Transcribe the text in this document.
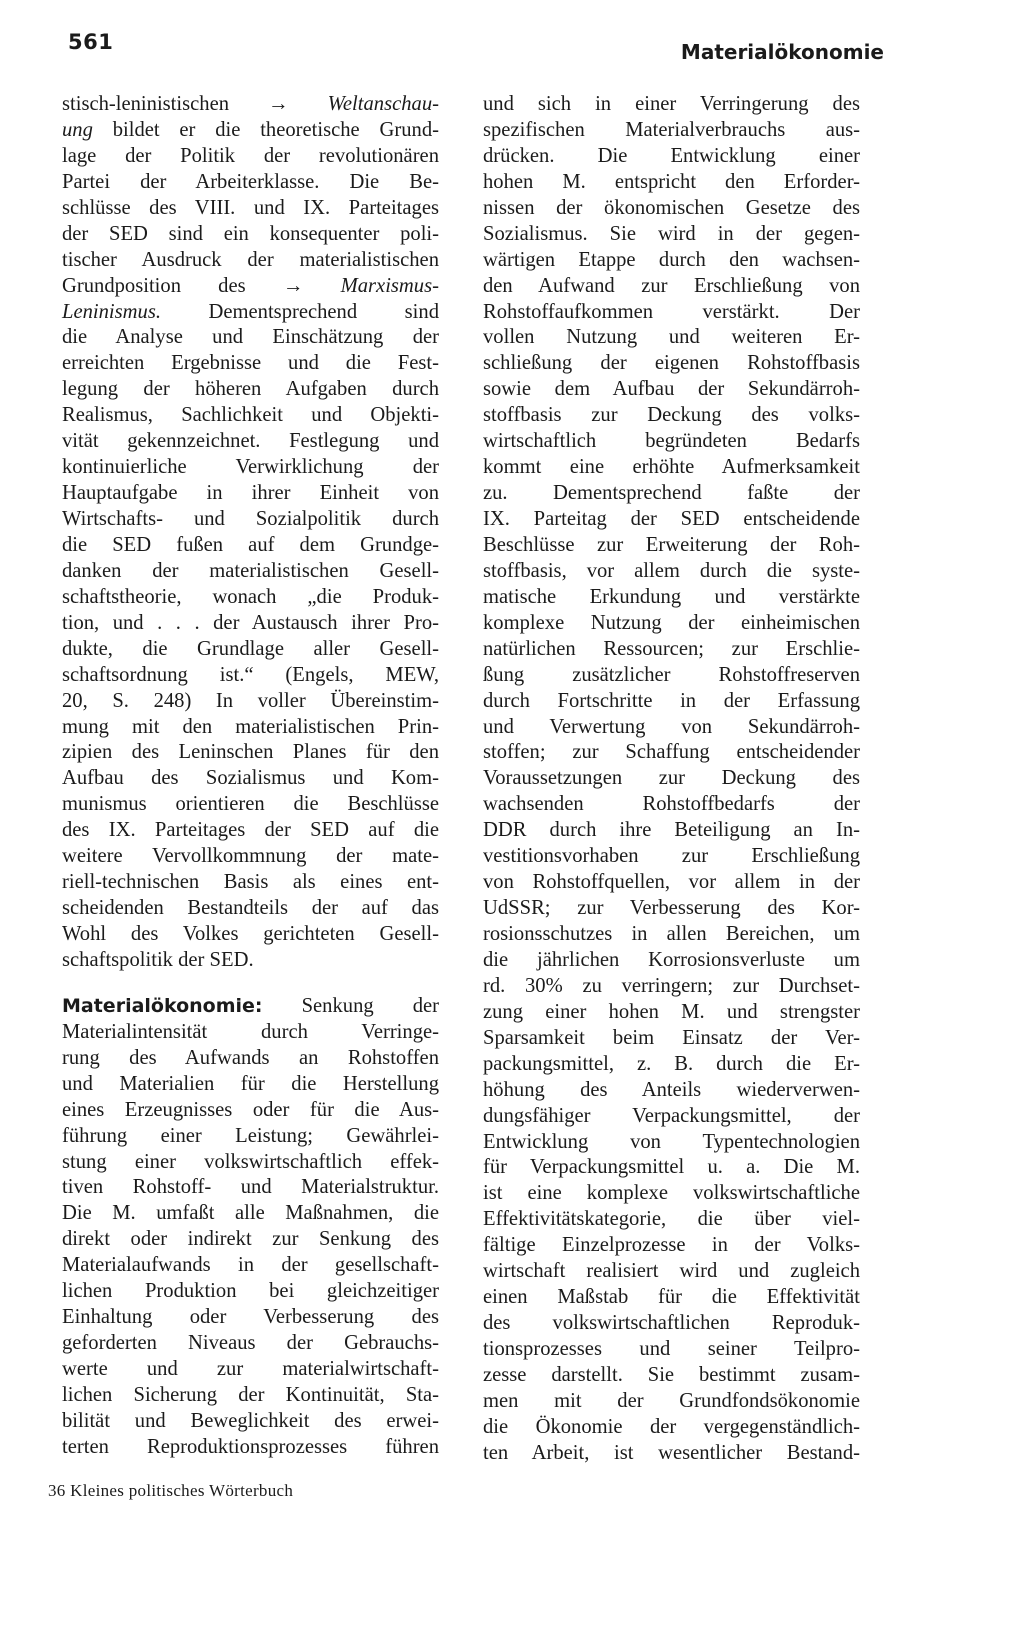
561	Materialökonomie
stisch-leninistischen → Weltanschau-
ung bildet er die theoretische Grund-
lage der Politik der revolutionären
Partei der Arbeiterklasse. Die Be-
schlüsse des VIII. und IX. Parteitages
der SED sind ein konsequenter poli-
tischer Ausdruck der materialistischen
Grundposition des → Marxismus-
Leninismus. Dementsprechend sind
die Analyse und Einschätzung der
erreichten Ergebnisse und die Fest-
legung der höheren Aufgaben durch
Realismus, Sachlichkeit und Objekti-
vität gekennzeichnet. Festlegung und
kontinuierliche Verwirklichung der
Hauptaufgabe in ihrer Einheit von
Wirtschafts- und Sozialpolitik durch
die SED fußen auf dem Grundge-
danken der materialistischen Gesell-
schaftstheorie, wonach „die Produk-
tion, und . . . der Austausch ihrer Pro-
dukte, die Grundlage aller Gesell-
schaftsordnung ist.“ (Engels, MEW,
20, S. 248) In voller Übereinstim-
mung mit den materialistischen Prin-
zipien des Leninschen Planes für den
Aufbau des Sozialismus und Kom-
munismus orientieren die Beschlüsse
des IX. Parteitages der SED auf die
weitere Vervollkommnung der mate-
riell-technischen Basis als eines ent-
scheidenden Bestandteils der auf das
Wohl des Volkes gerichteten Gesell-
schaftspolitik der SED.
Materialökonomie: Senkung der
Materialintensität durch Verringe-
rung des Aufwands an Rohstoffen
und Materialien für die Herstellung
eines Erzeugnisses oder für die Aus-
führung einer Leistung; Gewährlei-
stung einer volkswirtschaftlich effek-
tiven Rohstoff- und Materialstruktur.
Die M. umfaßt alle Maßnahmen, die
direkt oder indirekt zur Senkung des
Materialaufwands in der gesellschaft-
lichen Produktion bei gleichzeitiger
Einhaltung oder Verbesserung des
geforderten Niveaus der Gebrauchs-
werte und zur materialwirtschaft-
lichen Sicherung der Kontinuität, Sta-
bilität und Beweglichkeit des erwei-
terten Reproduktionsprozesses führen
und sich in einer Verringerung des
spezifischen Materialverbrauchs aus-
drücken. Die Entwicklung einer
hohen M. entspricht den Erforder-
nissen der ökonomischen Gesetze des
Sozialismus. Sie wird in der gegen-
wärtigen Etappe durch den wachsen-
den Aufwand zur Erschließung von
Rohstoffaufkommen verstärkt. Der
vollen Nutzung und weiteren Er-
schließung der eigenen Rohstoffbasis
sowie dem Aufbau der Sekundärroh-
stoffbasis zur Deckung des volks-
wirtschaftlich begründeten Bedarfs
kommt eine erhöhte Aufmerksamkeit
zu. Dementsprechend faßte der
IX. Parteitag der SED entscheidende
Beschlüsse zur Erweiterung der Roh-
stoffbasis, vor allem durch die syste-
matische Erkundung und verstärkte
komplexe Nutzung der einheimischen
natürlichen Ressourcen; zur Erschlie-
ßung zusätzlicher Rohstoffreserven
durch Fortschritte in der Erfassung
und Verwertung von Sekundärroh-
stoffen; zur Schaffung entscheidender
Voraussetzungen zur Deckung des
wachsenden Rohstoffbedarfs der
DDR durch ihre Beteiligung an In-
vestitionsvorhaben zur Erschließung
von Rohstoffquellen, vor allem in der
UdSSR; zur Verbesserung des Kor-
rosionsschutzes in allen Bereichen, um
die jährlichen Korrosionsverluste um
rd. 30% zu verringern; zur Durchset-
zung einer hohen M. und strengster
Sparsamkeit beim Einsatz der Ver-
packungsmittel, z. B. durch die Er-
höhung des Anteils wiederverwen-
dungsfähiger Verpackungsmittel, der
Entwicklung von Typentechnologien
für Verpackungsmittel u. a. Die M.
ist eine komplexe volkswirtschaftliche
Effektivitätskategorie, die über viel-
fältige Einzelprozesse in der Volks-
wirtschaft realisiert wird und zugleich
einen Maßstab für die Effektivität
des volkswirtschaftlichen Reproduk-
tionsprozesses und seiner Teilpro-
zesse darstellt. Sie bestimmt zusam-
men mit der Grundfondsökonomie
die Ökonomie der vergegenständlich-
ten Arbeit, ist wesentlicher Bestand-
36 Kleines politisches Wörterbuch
